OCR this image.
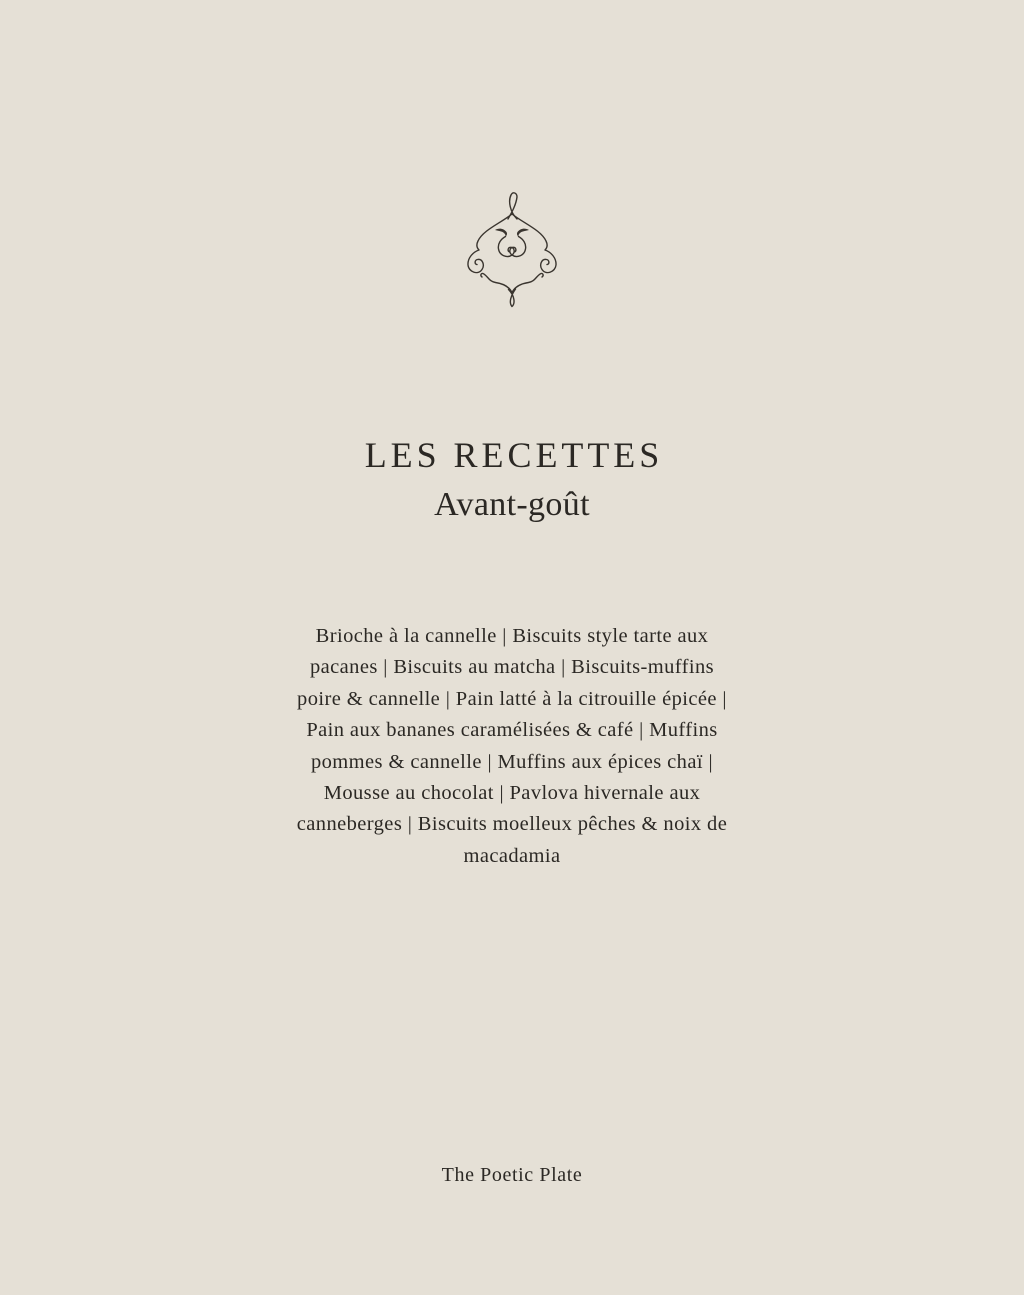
LES RECETTES
Avant-goût
Brioche à la cannelle | Biscuits style tarte aux
pacanes | Biscuits au matcha | Biscuits-muffins
poire & cannelle | Pain latté à la citrouille épicée |
Pain aux bananes caramélisées & café | Muffins
pommes & cannelle | Muffins aux épices chaï |
Mousse au chocolat | Pavlova hivernale aux
canneberges | Biscuits moelleux pêches & noix de
macadamia
The Poetic Plate
